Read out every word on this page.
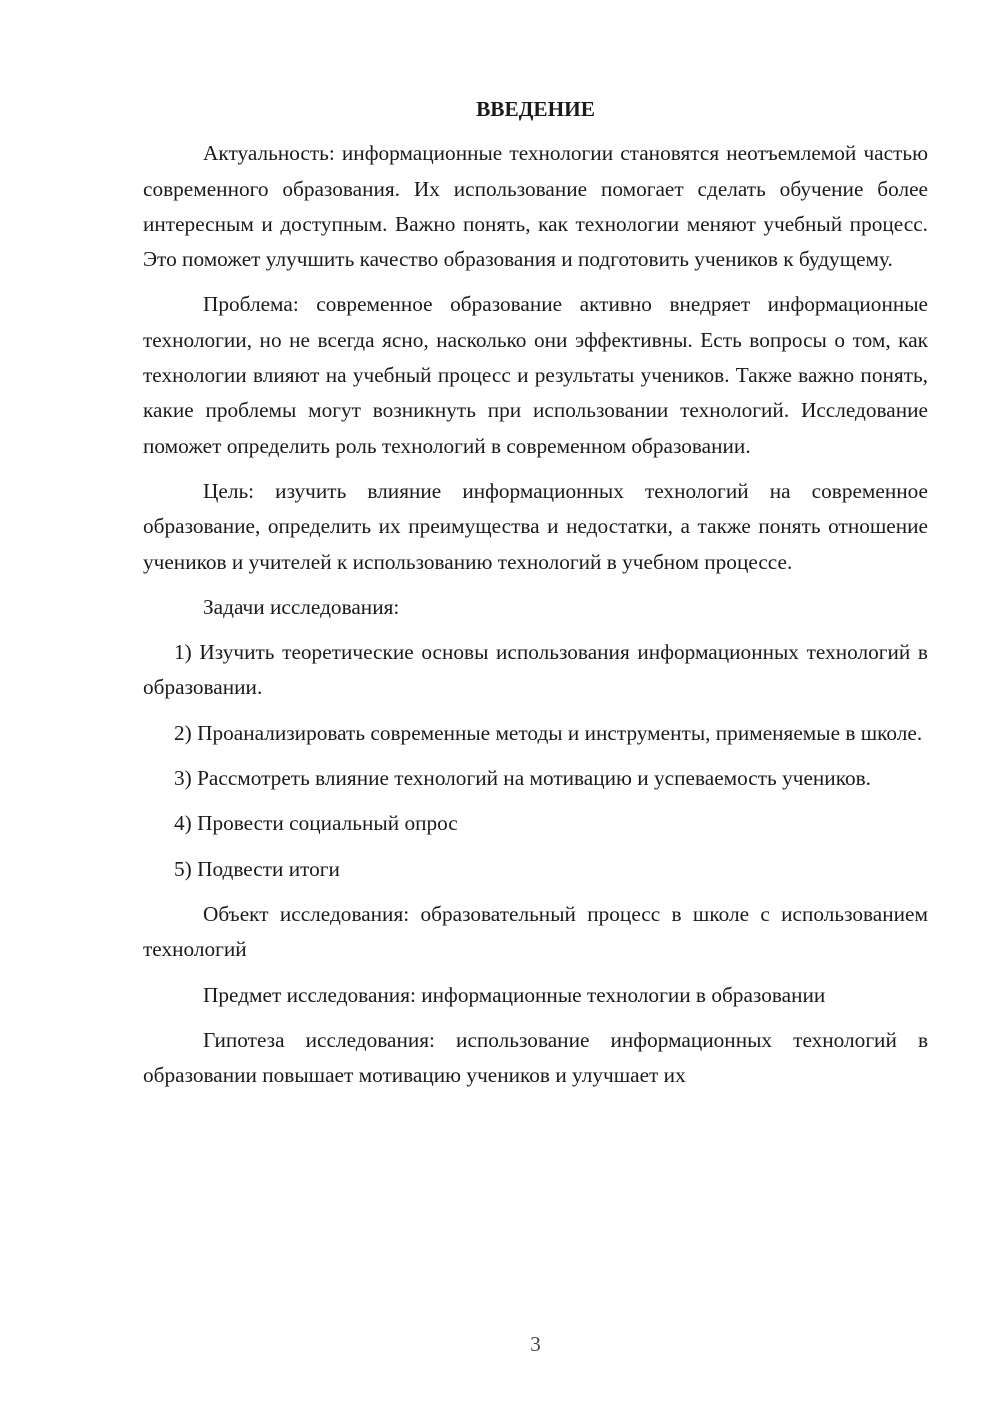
ВВЕДЕНИЕ

Актуальность: информационные технологии становятся неотъемлемой частью современного образования. Их использование помогает сделать обучение более интересным и доступным. Важно понять, как технологии меняют учебный процесс. Это поможет улучшить качество образования и подготовить учеников к будущему.

Проблема: современное образование активно внедряет информационные технологии, но не всегда ясно, насколько они эффективны. Есть вопросы о том, как технологии влияют на учебный процесс и результаты учеников. Также важно понять, какие проблемы могут возникнуть при использовании технологий. Исследование поможет определить роль технологий в современном образовании.

Цель: изучить влияние информационных технологий на современное образование, определить их преимущества и недостатки, а также понять отношение учеников и учителей к использованию технологий в учебном процессе.

Задачи исследования:

1) Изучить теоретические основы использования информационных технологий в образовании.

2) Проанализировать современные методы и инструменты, применяемые в школе.

3) Рассмотреть влияние технологий на мотивацию и успеваемость учеников.

4) Провести социальный опрос

5) Подвести итоги

Объект исследования: образовательный процесс в школе с использованием технологий

Предмет исследования: информационные технологии в образовании

Гипотеза исследования: использование информационных технологий в образовании повышает мотивацию учеников и улучшает их

3
